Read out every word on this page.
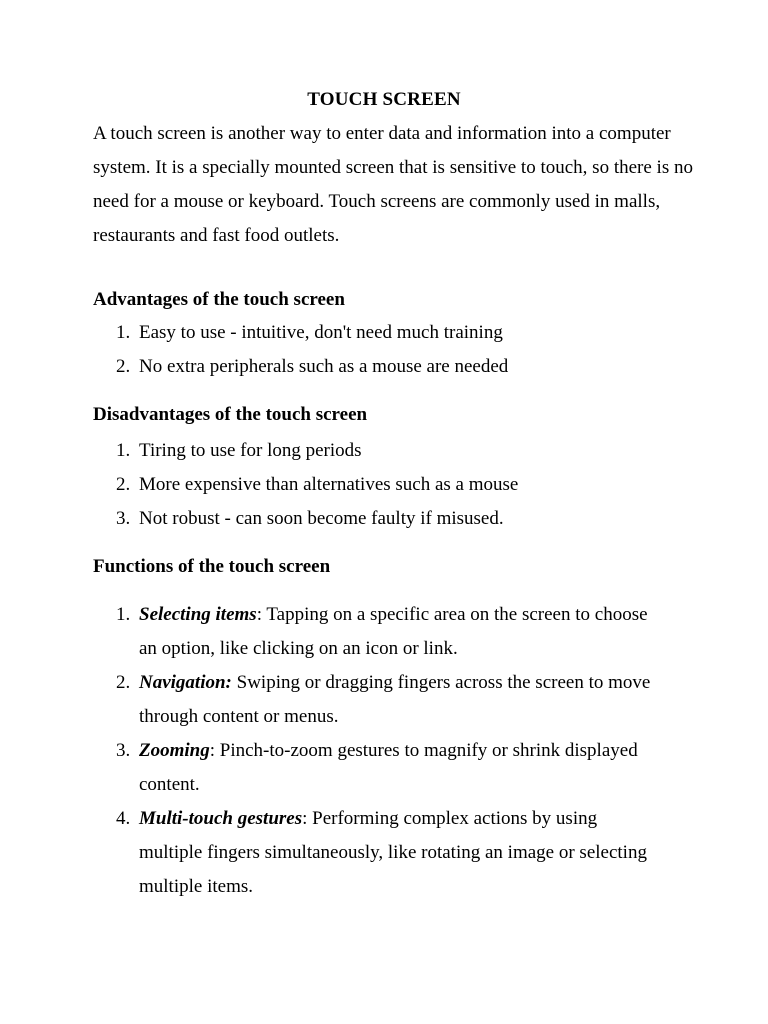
TOUCH SCREEN
A touch screen is another way to enter data and information into a computer system. It is a specially mounted screen that is sensitive to touch, so there is no need for a mouse or keyboard. Touch screens are commonly used in malls, restaurants and fast food outlets.
Advantages of the touch screen
1. Easy to use - intuitive, don't need much training
2. No extra peripherals such as a mouse are needed
Disadvantages of the touch screen
1. Tiring to use for long periods
2. More expensive than alternatives such as a mouse
3. Not robust - can soon become faulty if misused.
Functions of the touch screen
1. Selecting items: Tapping on a specific area on the screen to choose an option, like clicking on an icon or link.
2. Navigation: Swiping or dragging fingers across the screen to move through content or menus.
3. Zooming: Pinch-to-zoom gestures to magnify or shrink displayed content.
4. Multi-touch gestures: Performing complex actions by using multiple fingers simultaneously, like rotating an image or selecting multiple items.
